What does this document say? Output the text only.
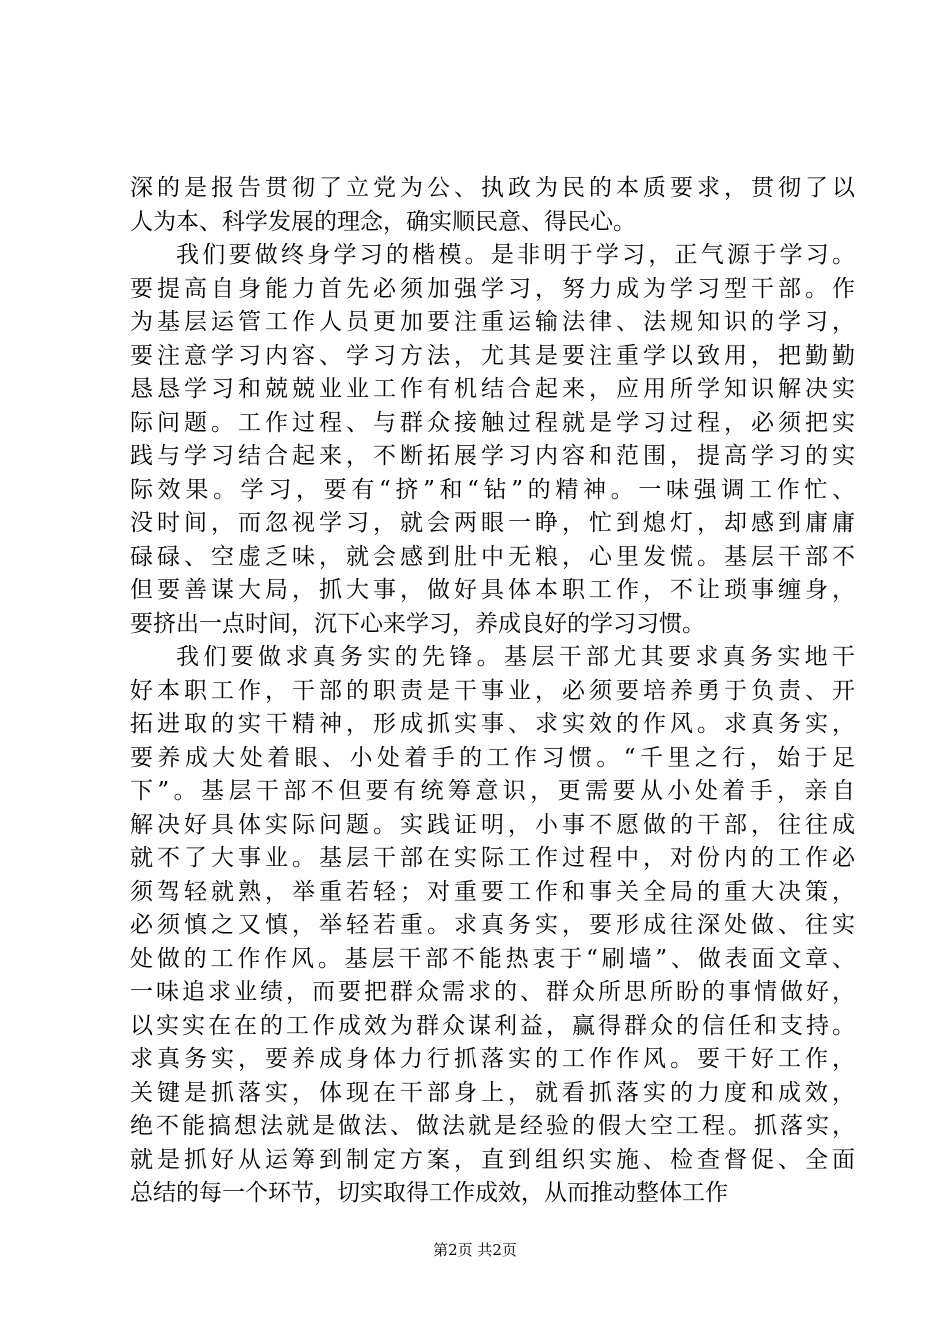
深的是报告贯彻了立党为公、执政为民的本质要求，贯彻了以
人为本、科学发展的理念，确实顺民意、得民心。
我们要做终身学习的楷模。是非明于学习，正气源于学习。
要提高自身能力首先必须加强学习，努力成为学习型干部。作
为基层运管工作人员更加要注重运输法律、法规知识的学习，
要注意学习内容、学习方法，尤其是要注重学以致用，把勤勤
恳恳学习和兢兢业业工作有机结合起来，应用所学知识解决实
际问题。工作过程、与群众接触过程就是学习过程，必须把实
践与学习结合起来，不断拓展学习内容和范围，提高学习的实
际效果。学习，要有“挤”和“钻”的精神。一味强调工作忙、
没时间，而忽视学习，就会两眼一睁，忙到熄灯，却感到庸庸
碌碌、空虚乏味，就会感到肚中无粮，心里发慌。基层干部不
但要善谋大局，抓大事，做好具体本职工作，不让琐事缠身，
要挤出一点时间，沉下心来学习，养成良好的学习习惯。
我们要做求真务实的先锋。基层干部尤其要求真务实地干
好本职工作，干部的职责是干事业，必须要培养勇于负责、开
拓进取的实干精神，形成抓实事、求实效的作风。求真务实，
要养成大处着眼、小处着手的工作习惯。“千里之行，始于足
下”。基层干部不但要有统筹意识，更需要从小处着手，亲自
解决好具体实际问题。实践证明，小事不愿做的干部，往往成
就不了大事业。基层干部在实际工作过程中，对份内的工作必
须驾轻就熟，举重若轻；对重要工作和事关全局的重大决策，
必须慎之又慎，举轻若重。求真务实，要形成往深处做、往实
处做的工作作风。基层干部不能热衷于“刷墙”、做表面文章、
一味追求业绩，而要把群众需求的、群众所思所盼的事情做好，
以实实在在的工作成效为群众谋利益，赢得群众的信任和支持。
求真务实，要养成身体力行抓落实的工作作风。要干好工作，
关键是抓落实，体现在干部身上，就看抓落实的力度和成效，
绝不能搞想法就是做法、做法就是经验的假大空工程。抓落实，
就是抓好从运筹到制定方案，直到组织实施、检查督促、全面
总结的每一个环节，切实取得工作成效，从而推动整体工作
第2页 共2页
